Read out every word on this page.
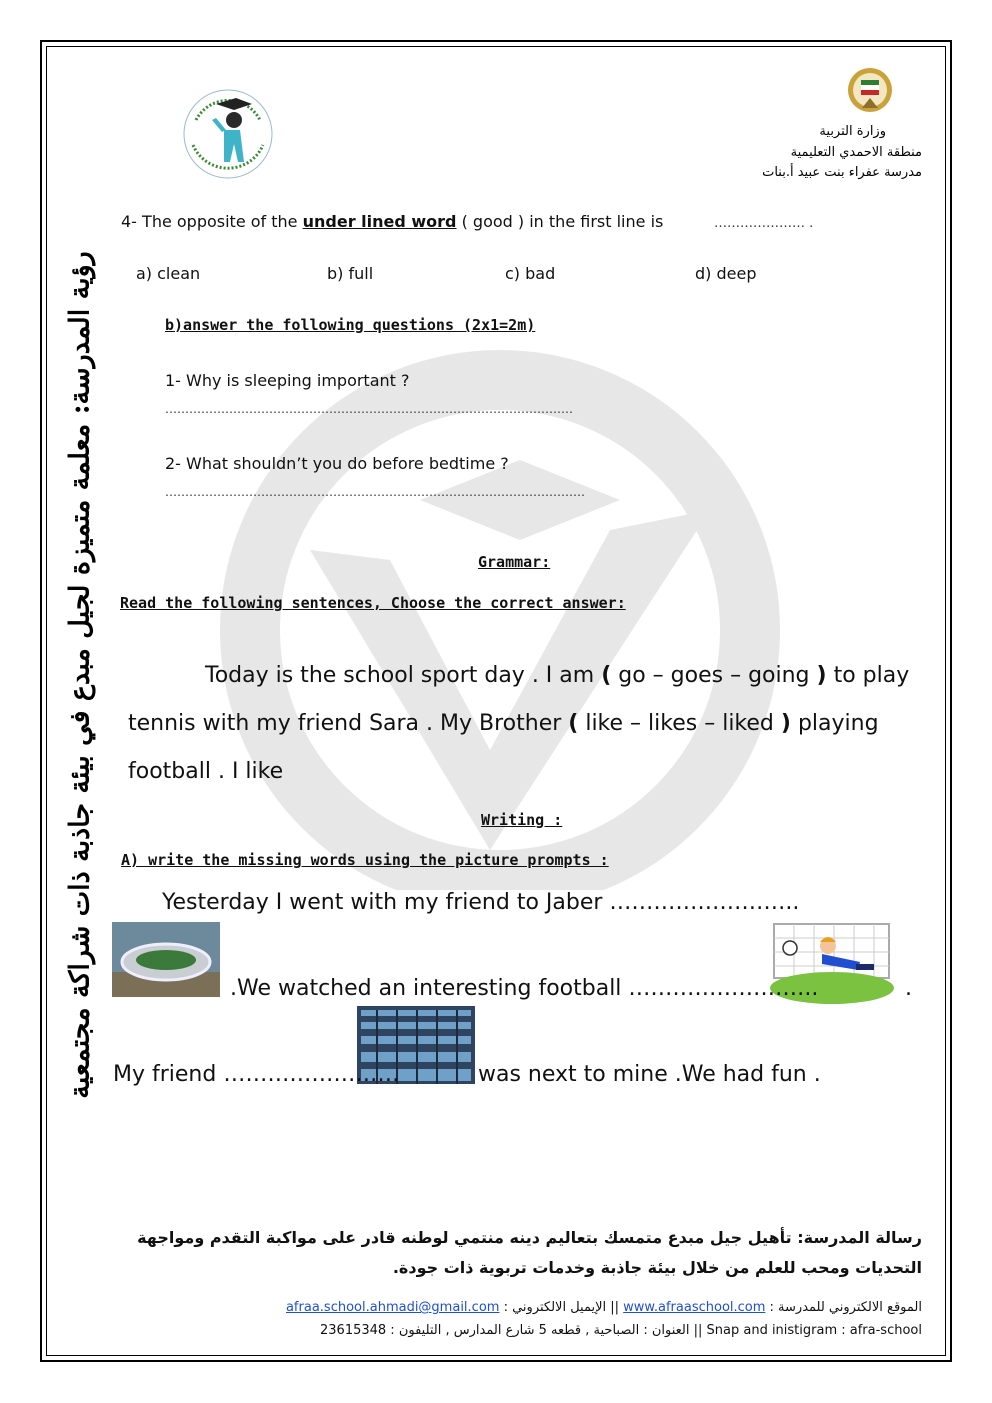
وزارة التربية
منطقة الاحمدي التعليمية
مدرسة عفراء بنت عبيد أ.بنات
رؤية المدرسة: معلمة متميزة لجيل مبدع في بيئة جاذبة ذات شراكة مجتمعية
4- The opposite of the under lined word ( good ) in the first line is	………………… .
a) clean	b) full	c) bad	d) deep
b)answer the following questions (2x1=2m)
1- Why is sleeping important ?
…………………………………………………………………………………………
2- What shouldn’t you do before bedtime ?
……………………………………………………………………………………………
Grammar:
Read the following sentences, Choose the correct answer:
Today is the school sport day . I am ( go – goes – going ) to play
tennis with my friend Sara . My Brother ( like – likes – liked ) playing
football . I like
Writing :
A) write the missing words using the picture prompts :
Yesterday I went with my friend to Jaber ……………………..
.We watched an interesting football ……………………..	.
My friend ……………………	was next to mine .We had fun .
رسالة المدرسة: تأهيل جيل مبدع متمسك بتعاليم دينه منتمي لوطنه قادر على مواكبة التقدم ومواجهة
التحديات ومحب للعلم من خلال بيئة جاذبة وخدمات تربوية ذات جودة.
الموقع الالكتروني للمدرسة : www.afraaschool.com || الإيميل الالكتروني : afraa.school.ahmadi@gmail.com
Snap and inistigram : afra-school || العنوان : الصباحية , قطعه 5 شارع المدارس , التليفون : 23615348
